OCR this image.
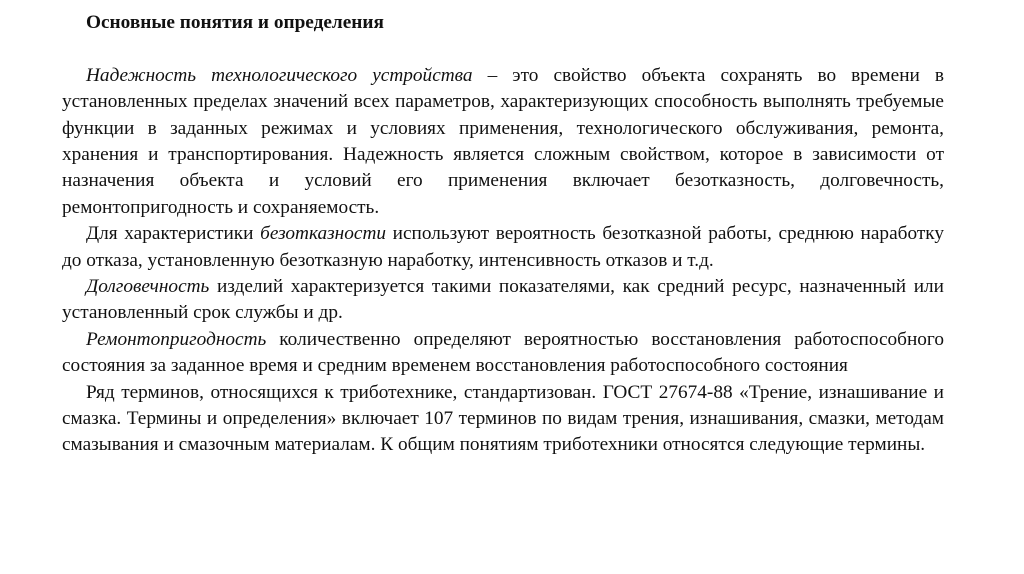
Основные понятия и определения

Надежность технологического устройства – это свойство объекта сохранять во времени в установленных пределах значений всех параметров, характеризующих способность выполнять требуемые функции в заданных режимах и условиях применения, технологического обслуживания, ремонта, хранения и транспортирования. Надежность является сложным свойством, которое в зависимости от назначения объекта и условий его применения включает безотказность, долговечность, ремонтопригодность и сохраняемость.

Для характеристики безотказности используют вероятность безотказной работы, среднюю наработку до отказа, установленную безотказную наработку, интенсивность отказов и т.д.

Долговечность изделий характеризуется такими показателями, как средний ресурс, назначенный или установленный срок службы и др.

Ремонтопригодность количественно определяют вероятностью восстановления работоспособного состояния за заданное время и средним временем восстановления работоспособного состояния

Ряд терминов, относящихся к триботехнике, стандартизован. ГОСТ 27674-88 «Трение, изнашивание и смазка. Термины и определения» включает 107 терминов по видам трения, изнашивания, смазки, методам смазывания и смазочным материалам. К общим понятиям триботехники относятся следующие термины.
